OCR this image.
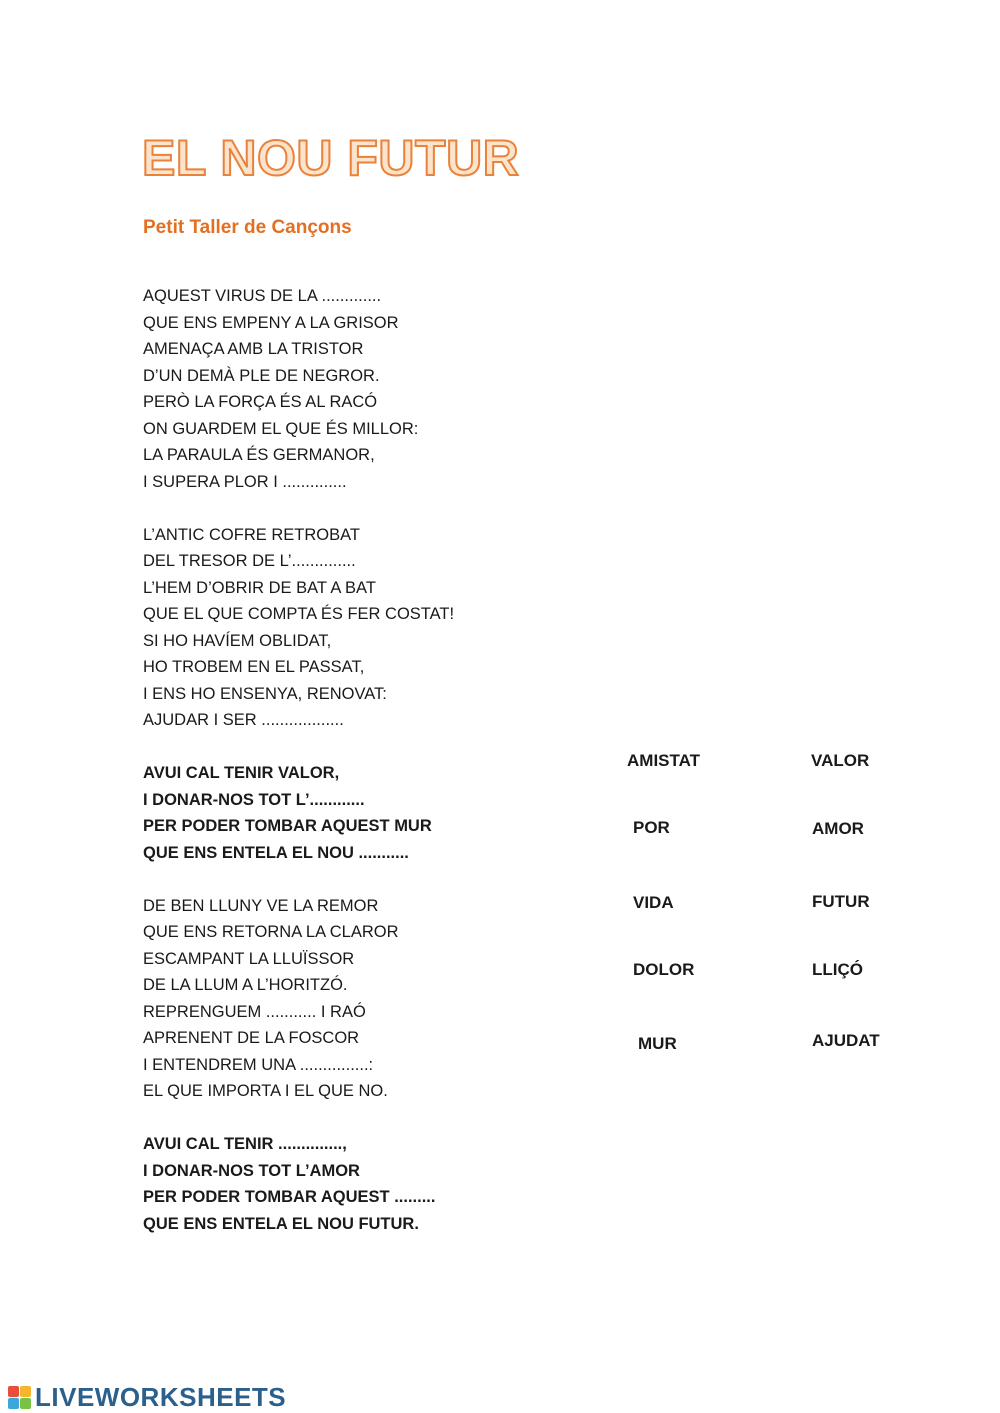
EL NOU FUTUR
Petit Taller de Cançons
AQUEST VIRUS DE LA .............
QUE ENS EMPENY A LA GRISOR
AMENAÇA AMB LA TRISTOR
D’UN DEMÀ PLE DE NEGROR.
PERÒ LA FORÇA ÉS AL RACÓ
ON GUARDEM EL QUE ÉS MILLOR:
LA PARAULA ÉS GERMANOR,
I SUPERA PLOR I ..............
L’ANTIC COFRE RETROBAT
DEL TRESOR DE L’..............
L’HEM D’OBRIR DE BAT A BAT
QUE EL QUE COMPTA ÉS FER COSTAT!
SI HO HAVÍEM OBLIDAT,
HO TROBEM EN EL PASSAT,
I ENS HO ENSENYA, RENOVAT:
AJUDAR I SER ..................
AVUI CAL TENIR VALOR,
I DONAR-NOS TOT L’............
PER PODER TOMBAR AQUEST MUR
QUE ENS ENTELA EL NOU ...........
DE BEN LLUNY VE LA REMOR
QUE ENS RETORNA LA CLAROR
ESCAMPANT LA LLUÏSSOR
DE LA LLUM A L’HORITZÓ.
REPRENGUEM ........... I RAÓ
APRENENT DE LA FOSCOR
I ENTENDREM UNA ...............:
EL QUE IMPORTA I EL QUE NO.
AVUI CAL TENIR ..............,
I DONAR-NOS TOT L’AMOR
PER PODER TOMBAR AQUEST .........
QUE ENS ENTELA EL NOU FUTUR.
AMISTAT	VALOR
POR	AMOR
VIDA	FUTUR
DOLOR	LLIÇÓ
MUR	AJUDAT
LIVEWORKSHEETS
